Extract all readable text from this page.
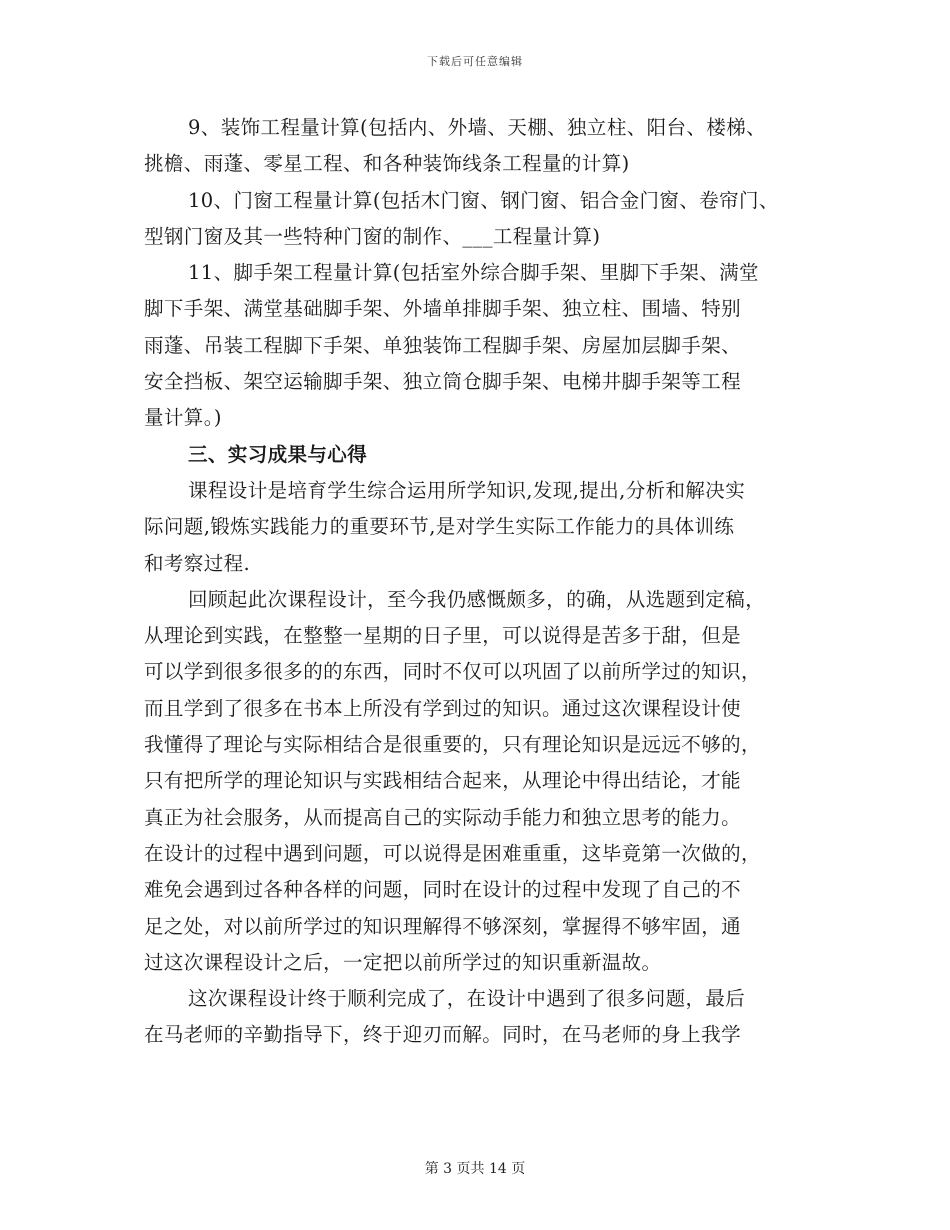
下载后可任意编辑
9、装饰工程量计算(包括内、外墙、天棚、独立柱、阳台、楼梯、
挑檐、雨蓬、零星工程、和各种装饰线条工程量的计算)
10、门窗工程量计算(包括木门窗、钢门窗、铝合金门窗、卷帘门、
型钢门窗及其一些特种门窗的制作、___工程量计算)
11、脚手架工程量计算(包括室外综合脚手架、里脚下手架、满堂
脚下手架、满堂基础脚手架、外墙单排脚手架、独立柱、围墙、特别
雨蓬、吊装工程脚下手架、单独装饰工程脚手架、房屋加层脚手架、
安全挡板、架空运输脚手架、独立筒仓脚手架、电梯井脚手架等工程
量计算。)
三、实习成果与心得
课程设计是培育学生综合运用所学知识,发现,提出,分析和解决实
际问题,锻炼实践能力的重要环节,是对学生实际工作能力的具体训练
和考察过程.
回顾起此次课程设计，至今我仍感慨颇多，的确，从选题到定稿，
从理论到实践，在整整一星期的日子里，可以说得是苦多于甜，但是
可以学到很多很多的的东西，同时不仅可以巩固了以前所学过的知识，
而且学到了很多在书本上所没有学到过的知识。通过这次课程设计使
我懂得了理论与实际相结合是很重要的，只有理论知识是远远不够的，
只有把所学的理论知识与实践相结合起来，从理论中得出结论，才能
真正为社会服务，从而提高自己的实际动手能力和独立思考的能力。
在设计的过程中遇到问题，可以说得是困难重重，这毕竟第一次做的，
难免会遇到过各种各样的问题，同时在设计的过程中发现了自己的不
足之处，对以前所学过的知识理解得不够深刻，掌握得不够牢固，通
过这次课程设计之后，一定把以前所学过的知识重新温故。
这次课程设计终于顺利完成了，在设计中遇到了很多问题，最后
在马老师的辛勤指导下，终于迎刃而解。同时，在马老师的身上我学
第 3 页共 14 页
